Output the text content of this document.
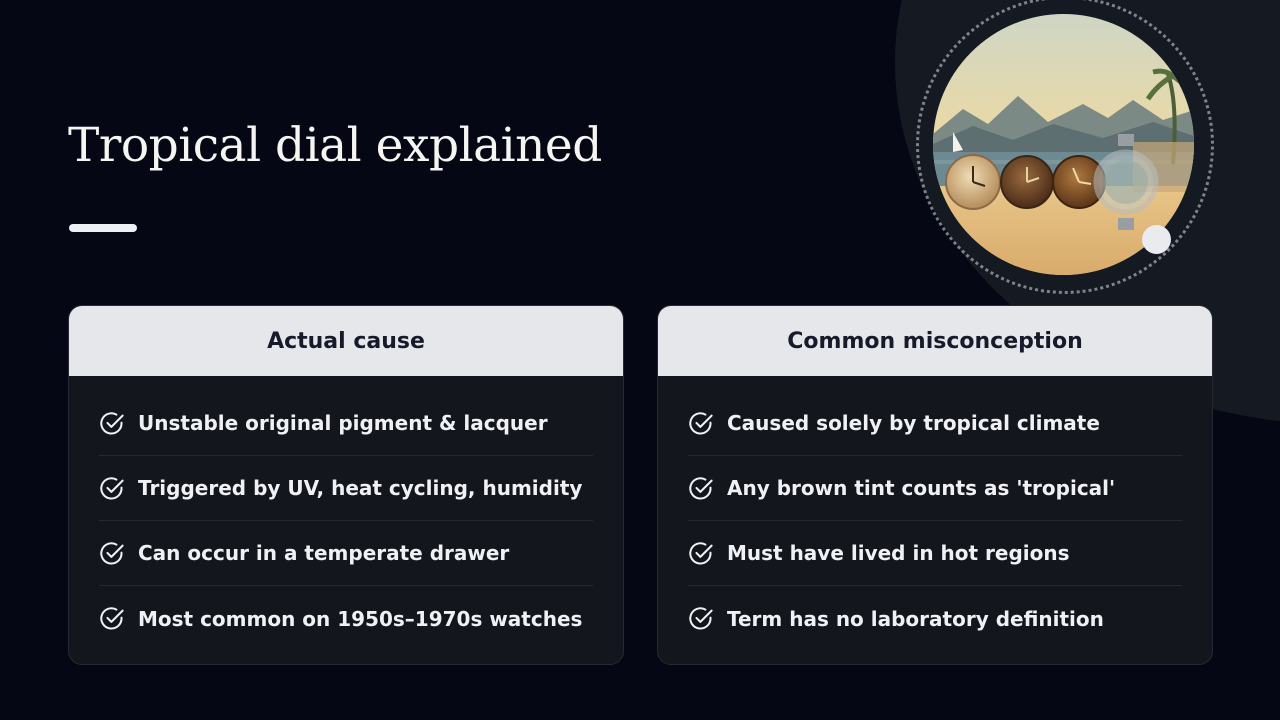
Tropical dial explained
Actual cause
Unstable original pigment & lacquer
Triggered by UV, heat cycling, humidity
Can occur in a temperate drawer
Most common on 1950s–1970s watches
Common misconception
Caused solely by tropical climate
Any brown tint counts as 'tropical'
Must have lived in hot regions
Term has no laboratory definition
